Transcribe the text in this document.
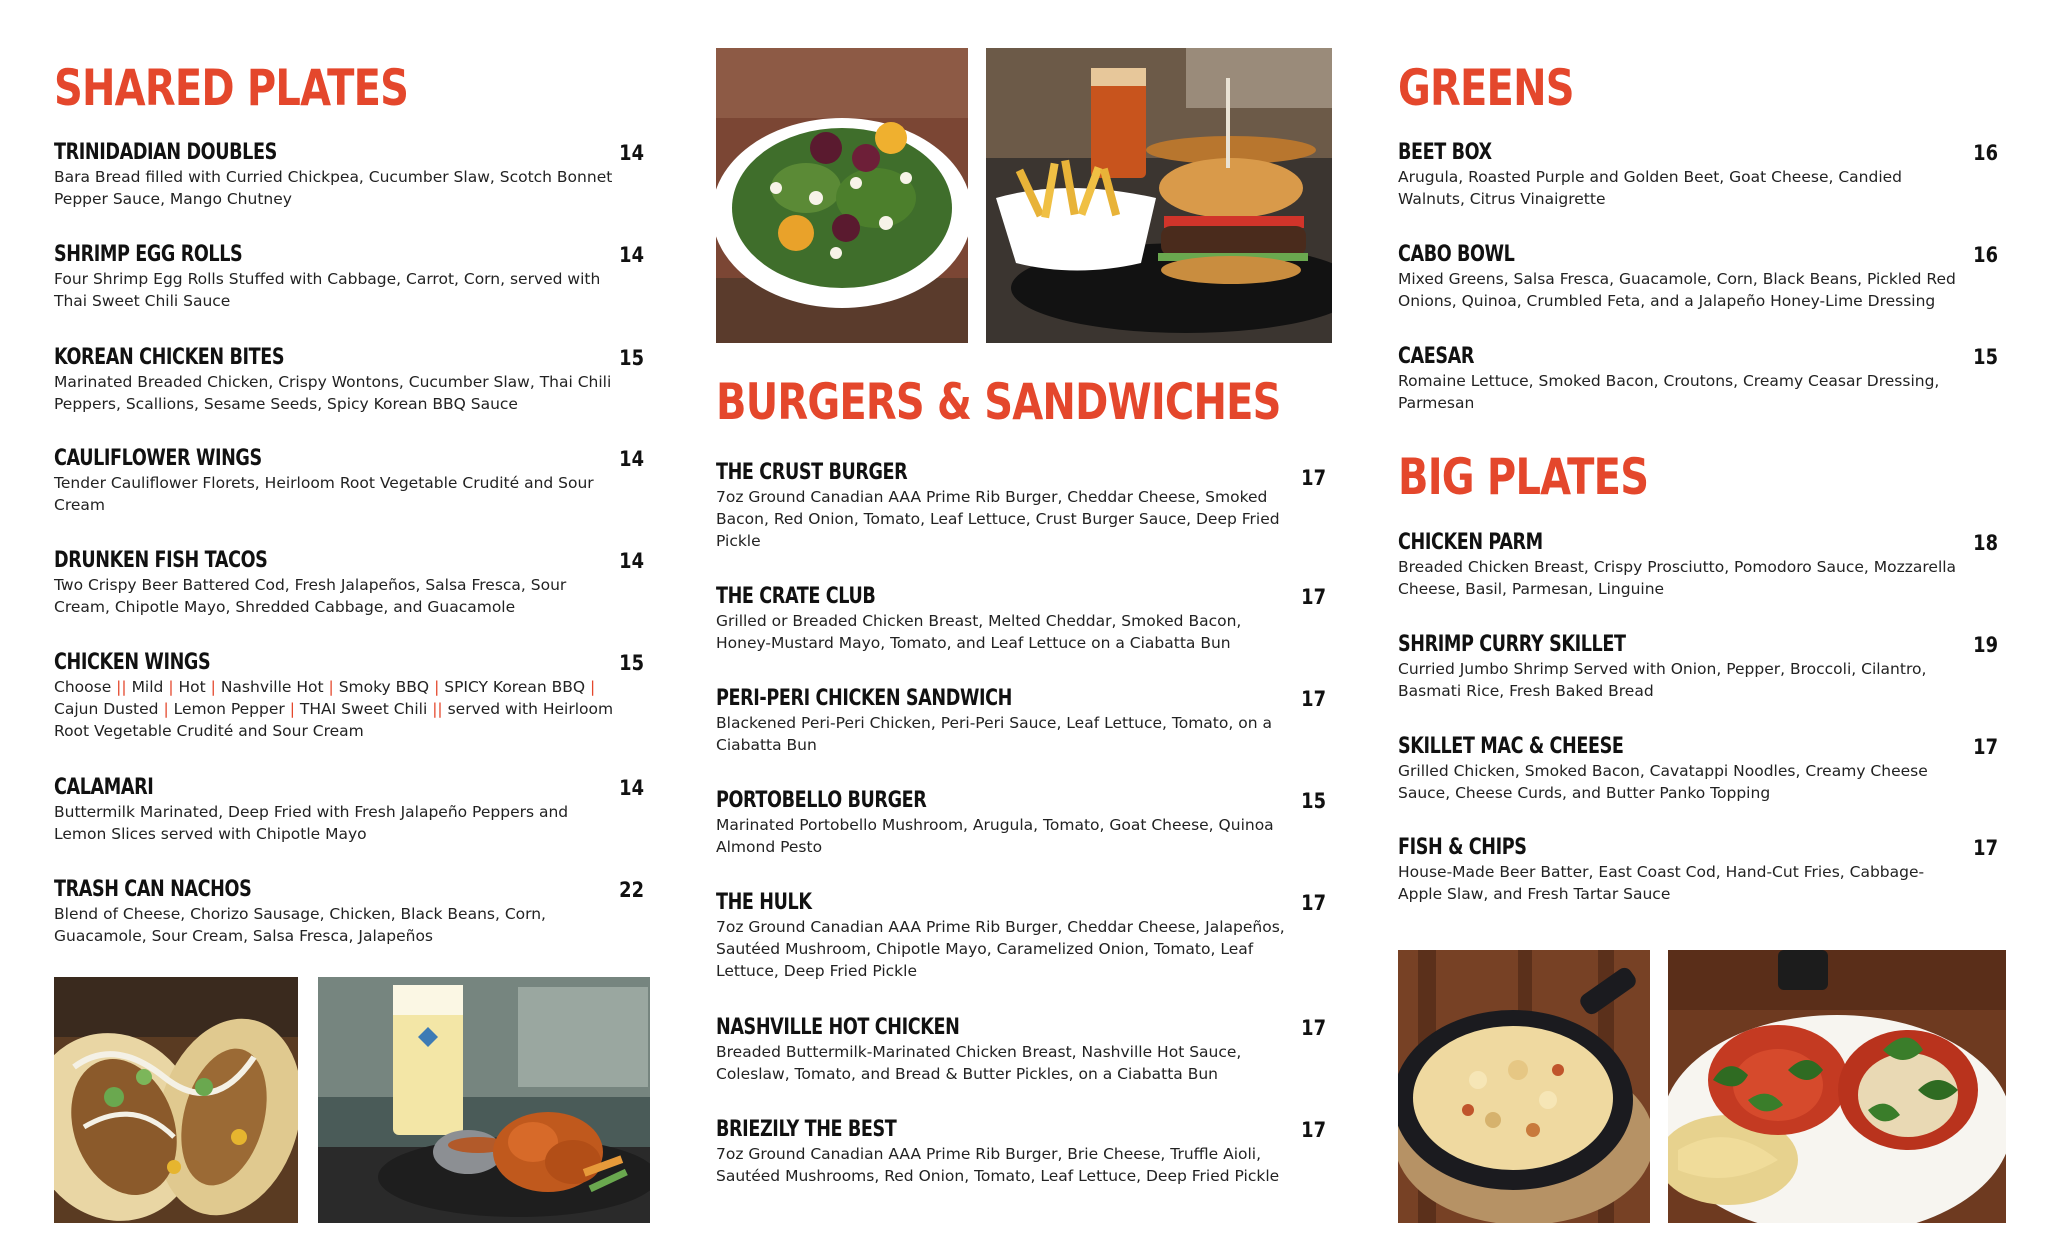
SHARED PLATES
TRINIDADIAN DOUBLES	14
Bara Bread filled with Curried Chickpea, Cucumber Slaw, Scotch Bonnet Pepper Sauce, Mango Chutney
SHRIMP EGG ROLLS	14
Four Shrimp Egg Rolls Stuffed with Cabbage, Carrot, Corn, served with Thai Sweet Chili Sauce
KOREAN CHICKEN BITES	15
Marinated Breaded Chicken, Crispy Wontons, Cucumber Slaw, Thai Chili Peppers, Scallions, Sesame Seeds, Spicy Korean BBQ Sauce
CAULIFLOWER WINGS	14
Tender Cauliflower Florets, Heirloom Root Vegetable Crudité and Sour Cream
DRUNKEN FISH TACOS	14
Two Crispy Beer Battered Cod, Fresh Jalapeños, Salsa Fresca, Sour Cream, Chipotle Mayo, Shredded Cabbage, and Guacamole
CHICKEN WINGS	15
Choose || Mild | Hot | Nashville Hot | Smoky BBQ | SPICY Korean BBQ | Cajun Dusted | Lemon Pepper | THAI Sweet Chili || served with Heirloom Root Vegetable Crudité and Sour Cream
CALAMARI	14
Buttermilk Marinated, Deep Fried with Fresh Jalapeño Peppers and Lemon Slices served with Chipotle Mayo
TRASH CAN NACHOS	22
Blend of Cheese, Chorizo Sausage, Chicken, Black Beans, Corn, Guacamole, Sour Cream, Salsa Fresca, Jalapeños
BURGERS & SANDWICHES
THE CRUST BURGER	17
7oz Ground Canadian AAA Prime Rib Burger, Cheddar Cheese, Smoked Bacon, Red Onion, Tomato, Leaf Lettuce, Crust Burger Sauce, Deep Fried Pickle
THE CRATE CLUB	17
Grilled or Breaded Chicken Breast, Melted Cheddar, Smoked Bacon, Honey-Mustard Mayo, Tomato, and Leaf Lettuce on a Ciabatta Bun
PERI-PERI CHICKEN SANDWICH	17
Blackened Peri-Peri Chicken, Peri-Peri Sauce, Leaf Lettuce, Tomato, on a Ciabatta Bun
PORTOBELLO BURGER	15
Marinated Portobello Mushroom, Arugula, Tomato, Goat Cheese, Quinoa Almond Pesto
THE HULK	17
7oz Ground Canadian AAA Prime Rib Burger, Cheddar Cheese, Jalapeños, Sautéed Mushroom, Chipotle Mayo, Caramelized Onion, Tomato, Leaf Lettuce, Deep Fried Pickle
NASHVILLE HOT CHICKEN	17
Breaded Buttermilk-Marinated Chicken Breast, Nashville Hot Sauce, Coleslaw, Tomato, and Bread & Butter Pickles, on a Ciabatta Bun
BRIEZILY THE BEST	17
7oz Ground Canadian AAA Prime Rib Burger, Brie Cheese, Truffle Aioli, Sautéed Mushrooms, Red Onion, Tomato, Leaf Lettuce, Deep Fried Pickle
GREENS
BEET BOX	16
Arugula, Roasted Purple and Golden Beet, Goat Cheese, Candied Walnuts, Citrus Vinaigrette
CABO BOWL	16
Mixed Greens, Salsa Fresca, Guacamole, Corn, Black Beans, Pickled Red Onions, Quinoa, Crumbled Feta, and a Jalapeño Honey-Lime Dressing
CAESAR	15
Romaine Lettuce, Smoked Bacon, Croutons, Creamy Ceasar Dressing, Parmesan
BIG PLATES
CHICKEN PARM	18
Breaded Chicken Breast, Crispy Prosciutto, Pomodoro Sauce, Mozzarella Cheese, Basil, Parmesan, Linguine
SHRIMP CURRY SKILLET	19
Curried Jumbo Shrimp Served with Onion, Pepper, Broccoli, Cilantro, Basmati Rice, Fresh Baked Bread
SKILLET MAC & CHEESE	17
Grilled Chicken, Smoked Bacon, Cavatappi Noodles, Creamy Cheese Sauce, Cheese Curds, and Butter Panko Topping
FISH & CHIPS	17
House-Made Beer Batter, East Coast Cod, Hand-Cut Fries, Cabbage-Apple Slaw, and Fresh Tartar Sauce
